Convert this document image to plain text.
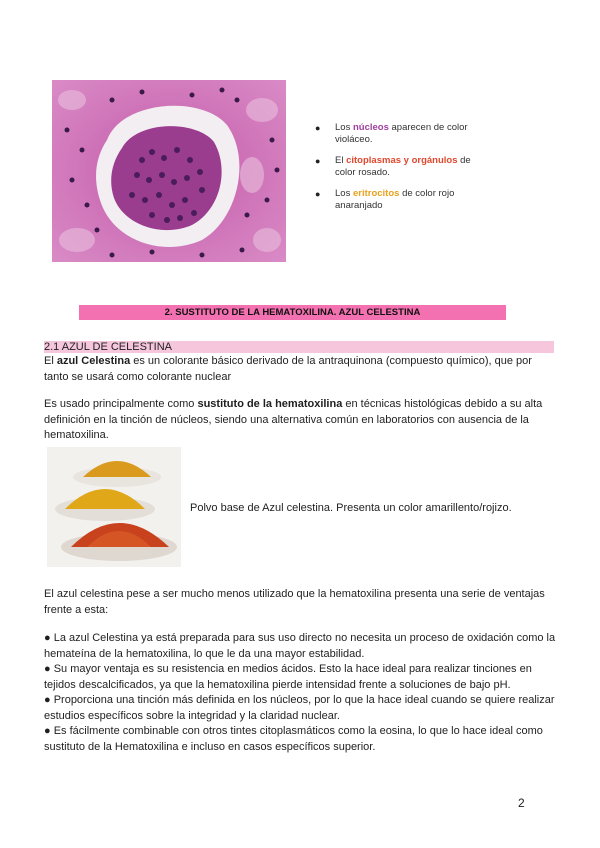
● Los núcleos aparecen de color violáceo.
● El citoplasmas y orgánulos de color rosado.
● Los eritrocitos de color rojo anaranjado
2. SUSTITUTO DE LA HEMATOXILINA. AZUL CELESTINA
2.1 AZUL DE CELESTINA
El azul Celestina es un colorante básico derivado de la antraquinona (compuesto químico), que por tanto se usará como colorante nuclear
Es usado principalmente como sustituto de la hematoxilina en técnicas histológicas debido a su alta definición en la tinción de núcleos, siendo una alternativa común en laboratorios con ausencia de la hematoxilina.
Polvo base de Azul celestina. Presenta un color amarillento/rojizo.
El azul celestina pese a ser mucho menos utilizado que la hematoxilina presenta una serie de ventajas frente a esta:
● La azul Celestina ya está preparada para sus uso directo no necesita un proceso de oxidación como la hemateína de la hematoxilina, lo que le da una mayor estabilidad.
● Su mayor ventaja es su resistencia en medios ácidos. Esto la hace ideal para realizar tinciones en tejidos descalcificados, ya que la hematoxilina pierde intensidad frente a soluciones de bajo pH.
● Proporciona una tinción más definida en los núcleos, por lo que la hace ideal cuando se quiere realizar estudios específicos sobre la integridad y la claridad nuclear.
● Es fácilmente combinable con otros tintes citoplasmáticos como la eosina, lo que lo hace ideal como sustituto de la Hematoxilina e incluso en casos específicos superior.
2
